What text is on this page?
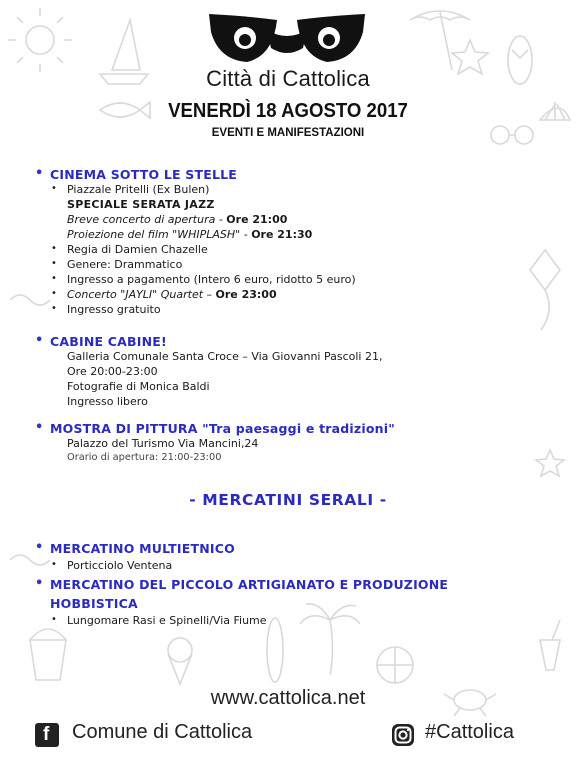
Città di Cattolica
VENERDÌ 18 AGOSTO 2017
EVENTI E MANIFESTAZIONI
• CINEMA SOTTO LE STELLE
• Piazzale Pritelli (Ex Bulen)
SPECIALE SERATA JAZZ
Breve concerto di apertura - Ore 21:00
Proiezione del film "WHIPLASH" - Ore 21:30
• Regia di Damien Chazelle
• Genere: Drammatico
• Ingresso a pagamento (Intero 6 euro, ridotto 5 euro)
• Concerto "JAYLI" Quartet – Ore 23:00
• Ingresso gratuito
• CABINE CABINE!
Galleria Comunale Santa Croce – Via Giovanni Pascoli 21,
Ore 20:00-23:00
Fotografie di Monica Baldi
Ingresso libero
• MOSTRA DI PITTURA "Tra paesaggi e tradizioni"
Palazzo del Turismo Via Mancini,24
Orario di apertura: 21:00-23:00
- MERCATINI SERALI -
• MERCATINO MULTIETNICO
• Porticciolo Ventena
• MERCATINO DEL PICCOLO ARTIGIANATO E PRODUZIONE
HOBBISTICA
• Lungomare Rasi e Spinelli/Via Fiume
www.cattolica.net
f Comune di Cattolica	#Cattolica
